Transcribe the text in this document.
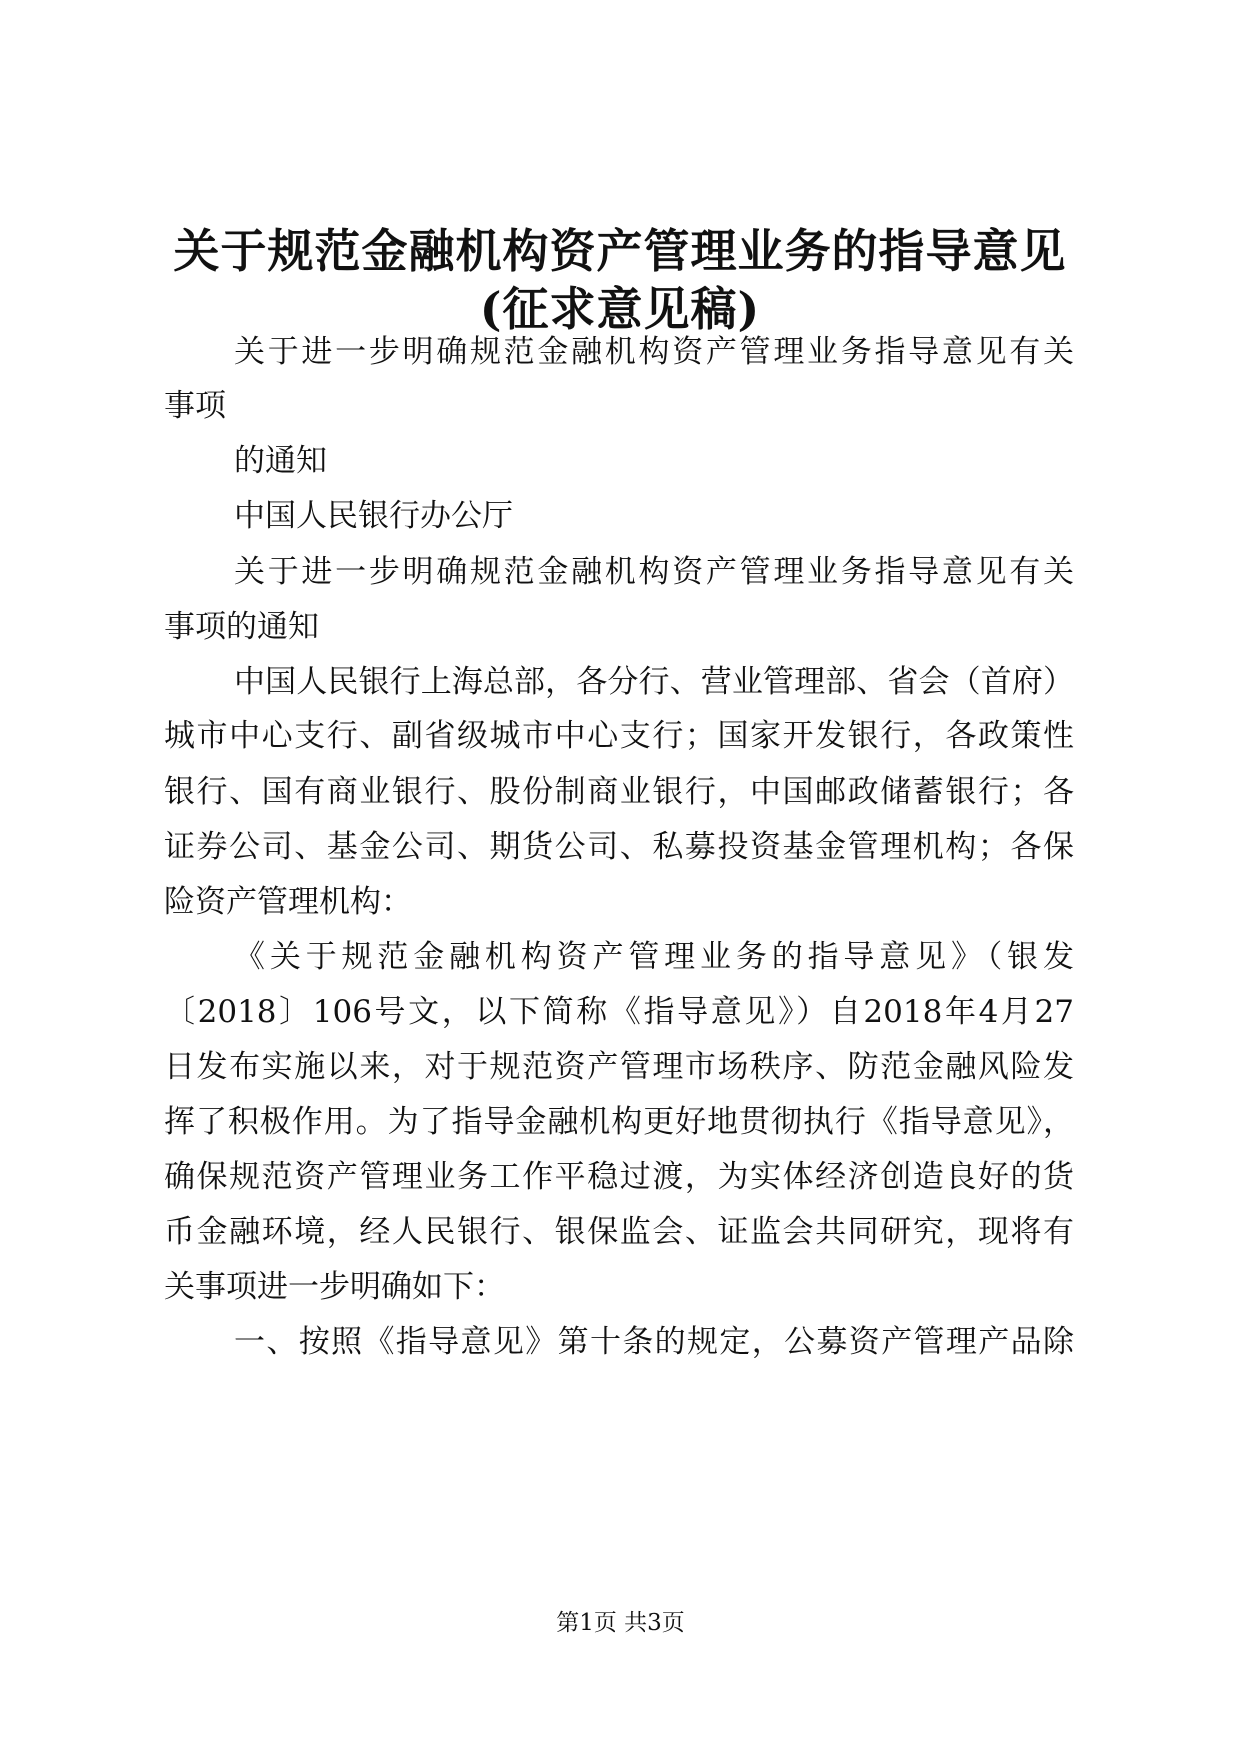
关于规范金融机构资产管理业务的指导意见
(征求意见稿)
关于进一步明确规范金融机构资产管理业务指导意见有关
事项
的通知
中国人民银行办公厅
关于进一步明确规范金融机构资产管理业务指导意见有关
事项的通知
中国人民银行上海总部，各分行、营业管理部、省会（首府）
城市中心支行、副省级城市中心支行；国家开发银行，各政策性
银行、国有商业银行、股份制商业银行，中国邮政储蓄银行；各
证券公司、基金公司、期货公司、私募投资基金管理机构；各保
险资产管理机构：
《关于规范金融机构资产管理业务的指导意见》（银发
〔2018〕106号文，以下简称《指导意见》）自2018年4月27
日发布实施以来，对于规范资产管理市场秩序、防范金融风险发
挥了积极作用。为了指导金融机构更好地贯彻执行《指导意见》，
确保规范资产管理业务工作平稳过渡，为实体经济创造良好的货
币金融环境，经人民银行、银保监会、证监会共同研究，现将有
关事项进一步明确如下：
一、按照《指导意见》第十条的规定，公募资产管理产品除
第1页 共3页
